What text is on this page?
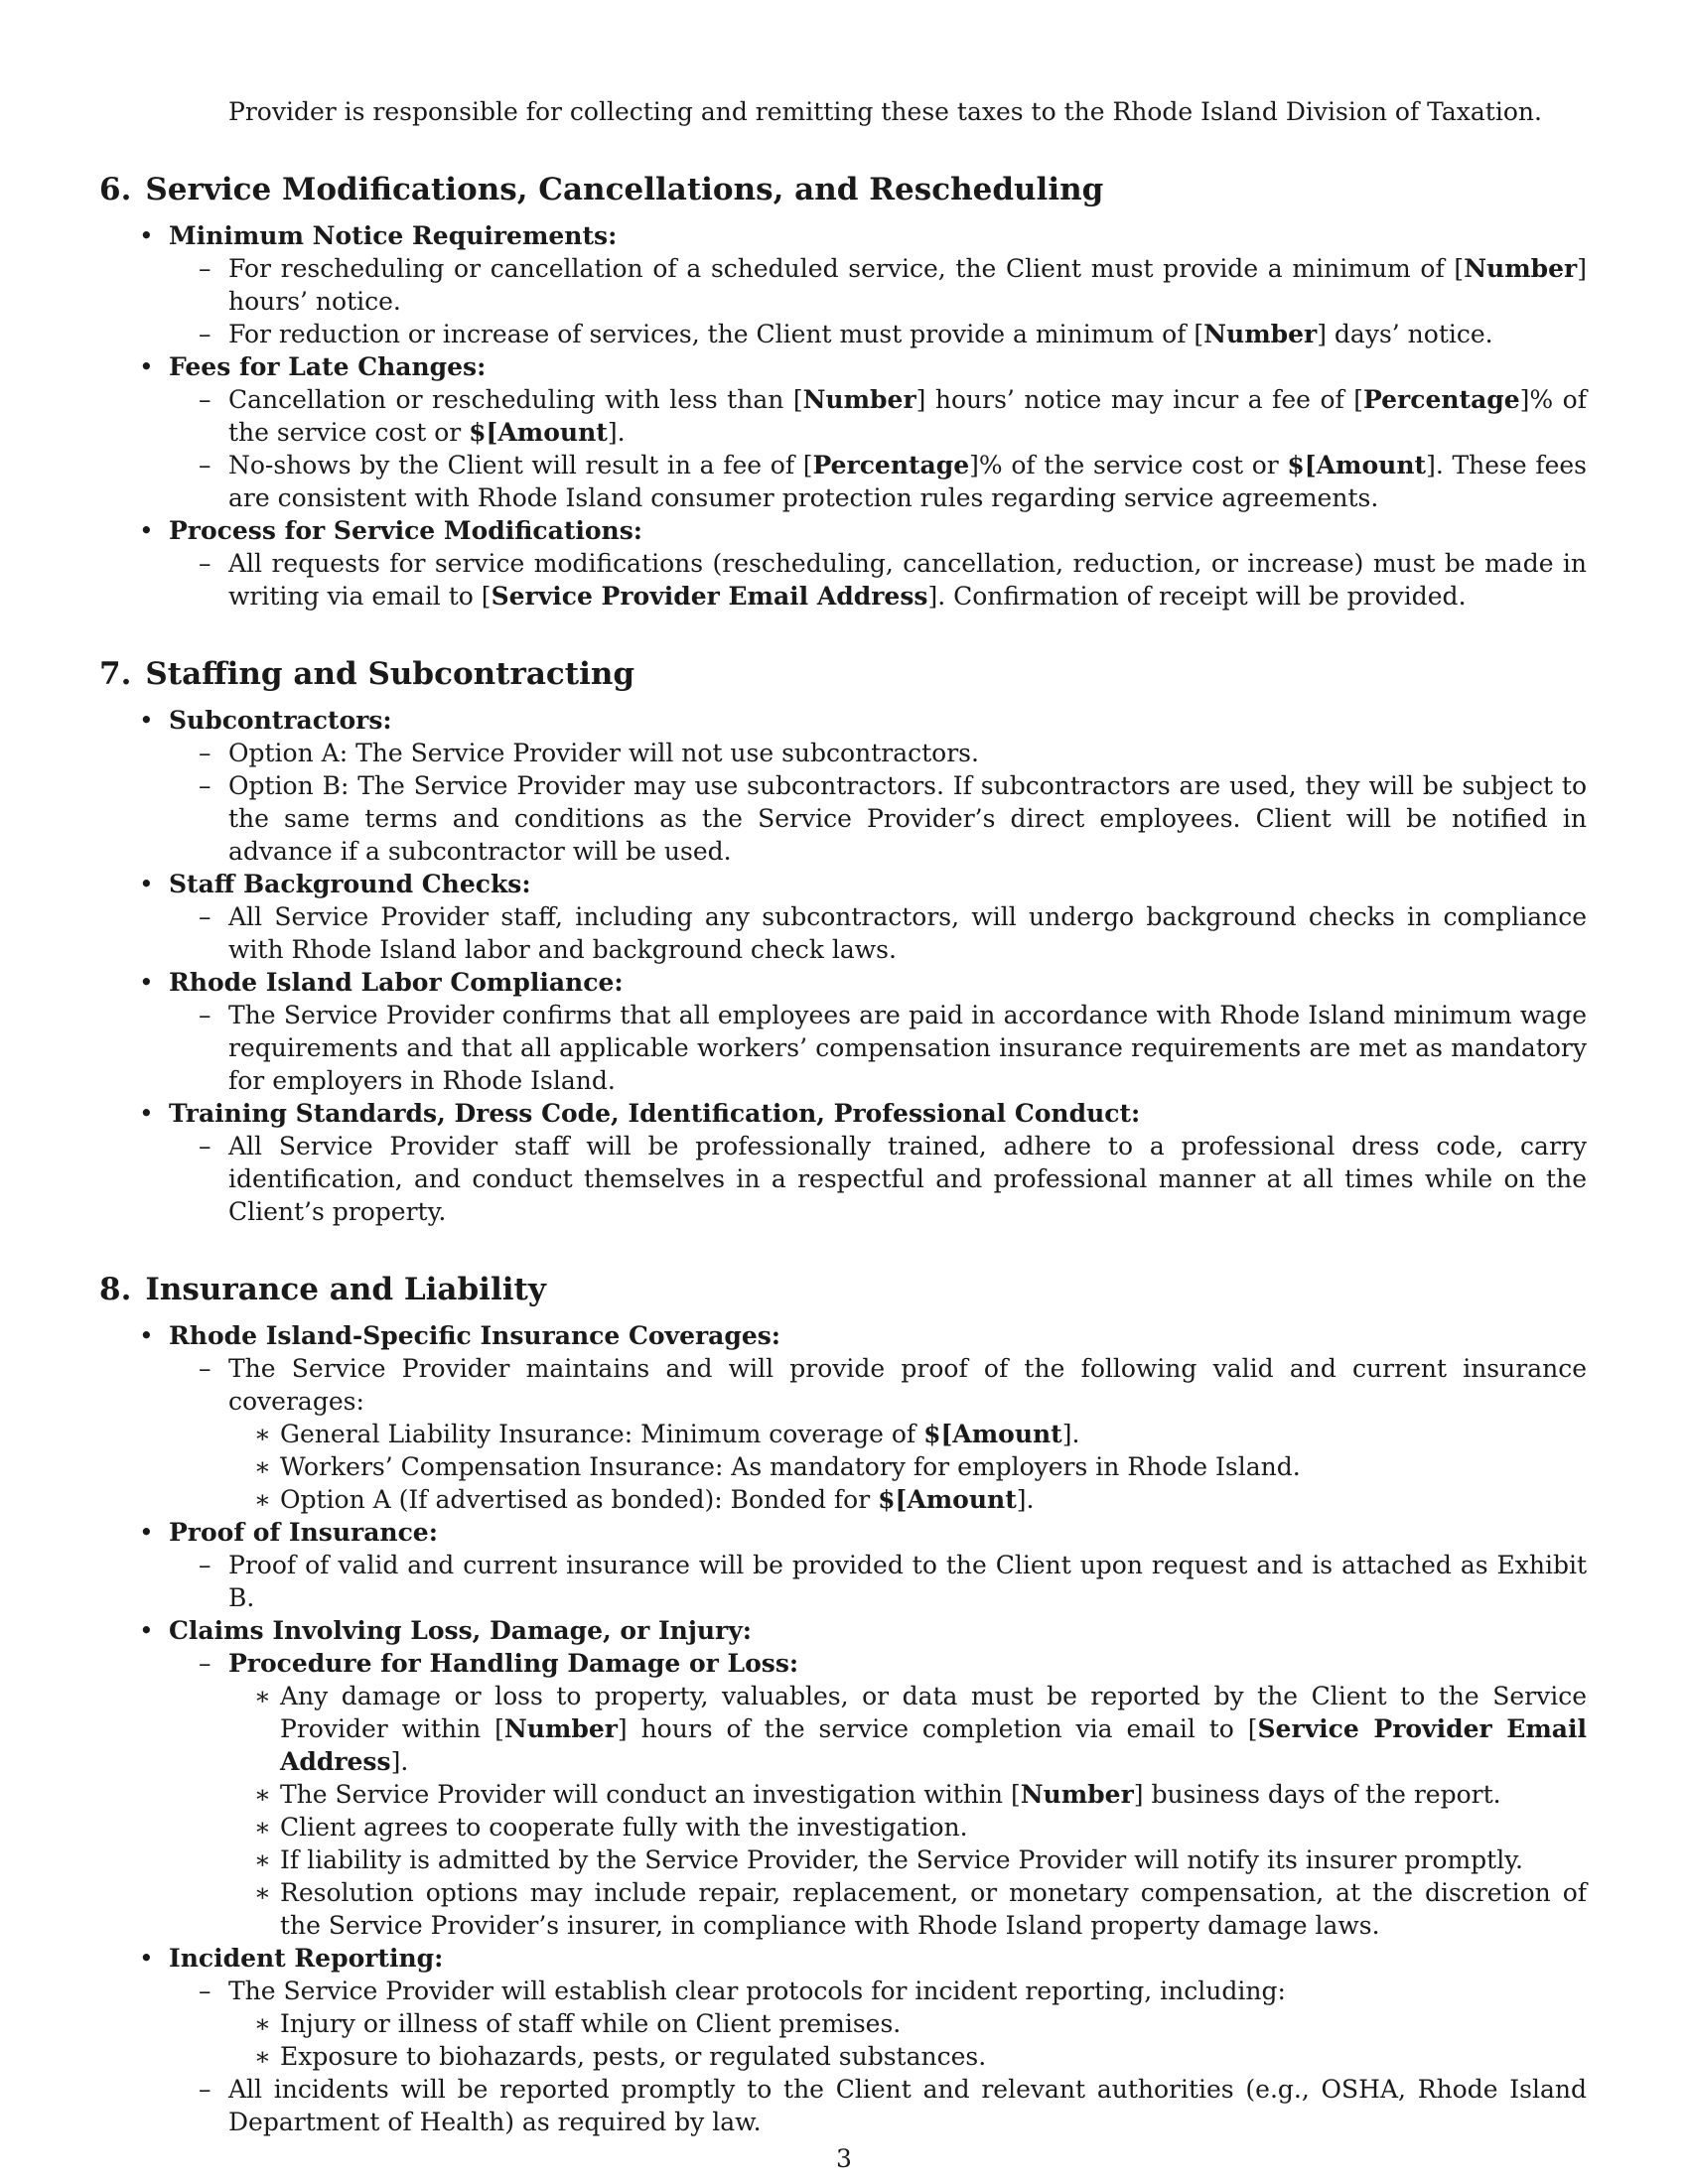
Provider is responsible for collecting and remitting these taxes to the Rhode Island Division of Taxation.

6. Service Modifications, Cancellations, and Rescheduling
• Minimum Notice Requirements:
– For rescheduling or cancellation of a scheduled service, the Client must provide a minimum of [Number] hours’ notice.
– For reduction or increase of services, the Client must provide a minimum of [Number] days’ notice.
• Fees for Late Changes:
– Cancellation or rescheduling with less than [Number] hours’ notice may incur a fee of [Percentage]% of the service cost or $[Amount].
– No-shows by the Client will result in a fee of [Percentage]% of the service cost or $[Amount]. These fees are consistent with Rhode Island consumer protection rules regarding service agreements.
• Process for Service Modifications:
– All requests for service modifications (rescheduling, cancellation, reduction, or increase) must be made in writing via email to [Service Provider Email Address]. Confirmation of receipt will be provided.
7. Staffing and Subcontracting
• Subcontractors:
– Option A: The Service Provider will not use subcontractors.
– Option B: The Service Provider may use subcontractors. If subcontractors are used, they will be subject to the same terms and conditions as the Service Provider’s direct employees. Client will be notified in advance if a subcontractor will be used.
• Staff Background Checks:
– All Service Provider staff, including any subcontractors, will undergo background checks in compliance with Rhode Island labor and background check laws.
• Rhode Island Labor Compliance:
– The Service Provider confirms that all employees are paid in accordance with Rhode Island minimum wage requirements and that all applicable workers’ compensation insurance requirements are met as mandatory for employers in Rhode Island.
• Training Standards, Dress Code, Identification, Professional Conduct:
– All Service Provider staff will be professionally trained, adhere to a professional dress code, carry identification, and conduct themselves in a respectful and professional manner at all times while on the Client’s property.
8. Insurance and Liability
• Rhode Island-Specific Insurance Coverages:
– The Service Provider maintains and will provide proof of the following valid and current insurance coverages:
∗ General Liability Insurance: Minimum coverage of $[Amount].
∗ Workers’ Compensation Insurance: As mandatory for employers in Rhode Island.
∗ Option A (If advertised as bonded): Bonded for $[Amount].
• Proof of Insurance:
– Proof of valid and current insurance will be provided to the Client upon request and is attached as Exhibit B.
• Claims Involving Loss, Damage, or Injury:
– Procedure for Handling Damage or Loss:
∗ Any damage or loss to property, valuables, or data must be reported by the Client to the Service Provider within [Number] hours of the service completion via email to [Service Provider Email Address].
∗ The Service Provider will conduct an investigation within [Number] business days of the report.
∗ Client agrees to cooperate fully with the investigation.
∗ If liability is admitted by the Service Provider, the Service Provider will notify its insurer promptly.
∗ Resolution options may include repair, replacement, or monetary compensation, at the discretion of the Service Provider’s insurer, in compliance with Rhode Island property damage laws.
• Incident Reporting:
– The Service Provider will establish clear protocols for incident reporting, including:
∗ Injury or illness of staff while on Client premises.
∗ Exposure to biohazards, pests, or regulated substances.
– All incidents will be reported promptly to the Client and relevant authorities (e.g., OSHA, Rhode Island Department of Health) as required by law.
3
